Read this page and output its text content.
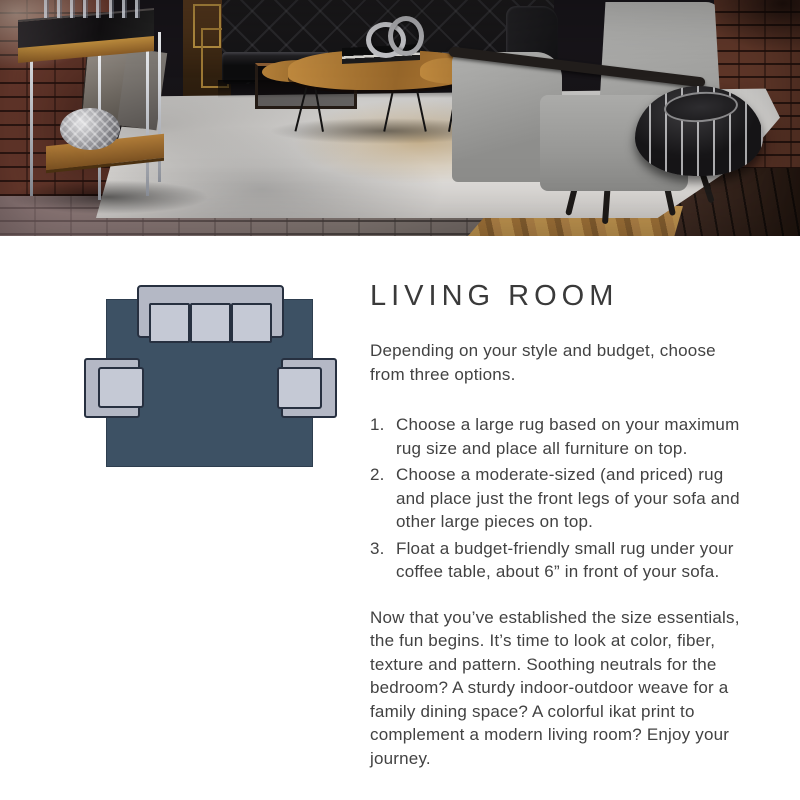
LIVING ROOM

Depending on your style and budget, choose from three options.

1. Choose a large rug based on your maximum rug size and place all furniture on top.
2. Choose a moderate-sized (and priced) rug and place just the front legs of your sofa and other large pieces on top.
3. Float a budget-friendly small rug under your coffee table, about 6” in front of your sofa.

Now that you’ve established the size essentials, the fun begins. It’s time to look at color, fiber, texture and pattern. Soothing neutrals for the bedroom? A sturdy indoor-outdoor weave for a family dining space? A colorful ikat print to complement a modern living room? Enjoy your journey.
